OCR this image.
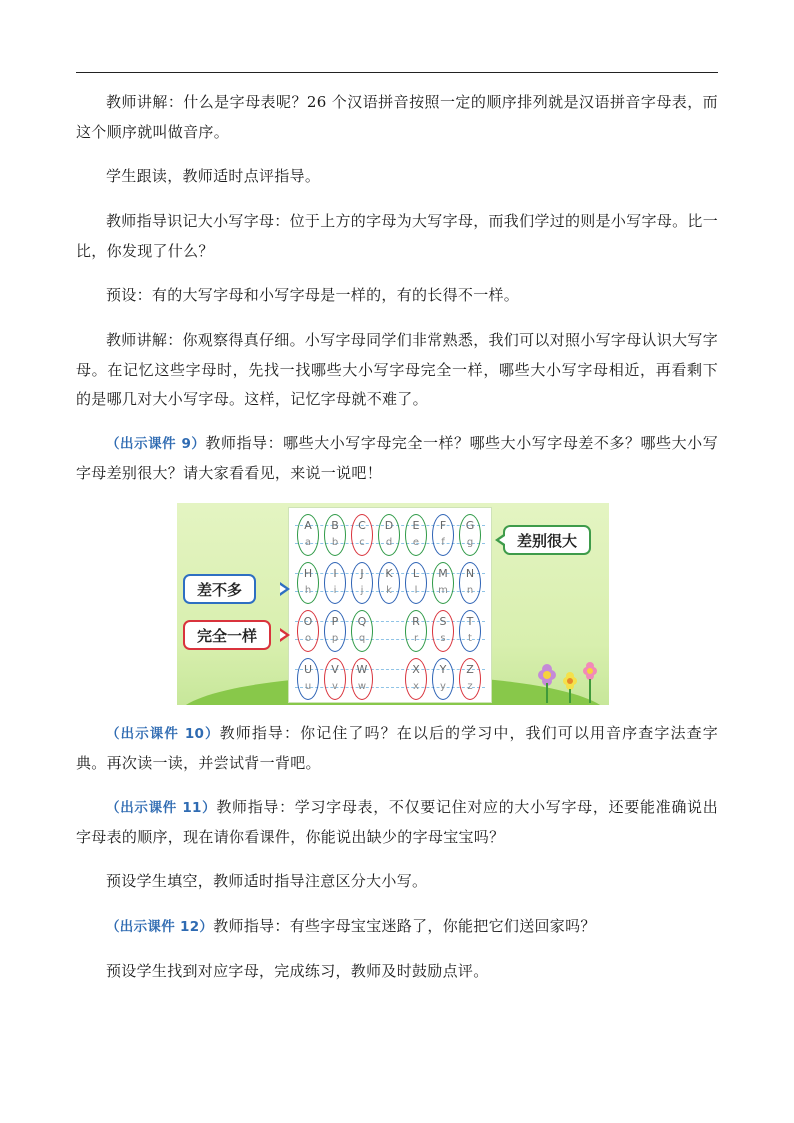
教师讲解：什么是字母表呢？26 个汉语拼音按照一定的顺序排列就是汉语拼音字母表，而这个顺序就叫做音序。

学生跟读，教师适时点评指导。

教师指导识记大小写字母：位于上方的字母为大写字母，而我们学过的则是小写字母。比一比，你发现了什么？

预设：有的大写字母和小写字母是一样的，有的长得不一样。

教师讲解：你观察得真仔细。小写字母同学们非常熟悉，我们可以对照小写字母认识大写字母。在记忆这些字母时，先找一找哪些大小写字母完全一样，哪些大小写字母相近，再看剩下的是哪几对大小写字母。这样，记忆字母就不难了。

（出示课件 9）教师指导：哪些大小写字母完全一样？哪些大小写字母差不多？哪些大小写字母差别很大？请大家看看见，来说一说吧！

A
a
B
b
C
c
D
d
E
e
F
f
G
g
H
h
I
i
J
j
K
k
L
l
M
m
N
n
O
o
P
p
Q
q
R
r
S
s
T
t
U
u
V
v
W
w
X
x
Y
y
Z
z
差别很大
差不多
完全一样

（出示课件 10）教师指导：你记住了吗？在以后的学习中，我们可以用音序查字法查字典。再次读一读，并尝试背一背吧。

（出示课件 11）教师指导：学习字母表，不仅要记住对应的大小写字母，还要能准确说出字母表的顺序，现在请你看课件，你能说出缺少的字母宝宝吗？

预设学生填空，教师适时指导注意区分大小写。

（出示课件 12）教师指导：有些字母宝宝迷路了，你能把它们送回家吗？

预设学生找到对应字母，完成练习，教师及时鼓励点评。
